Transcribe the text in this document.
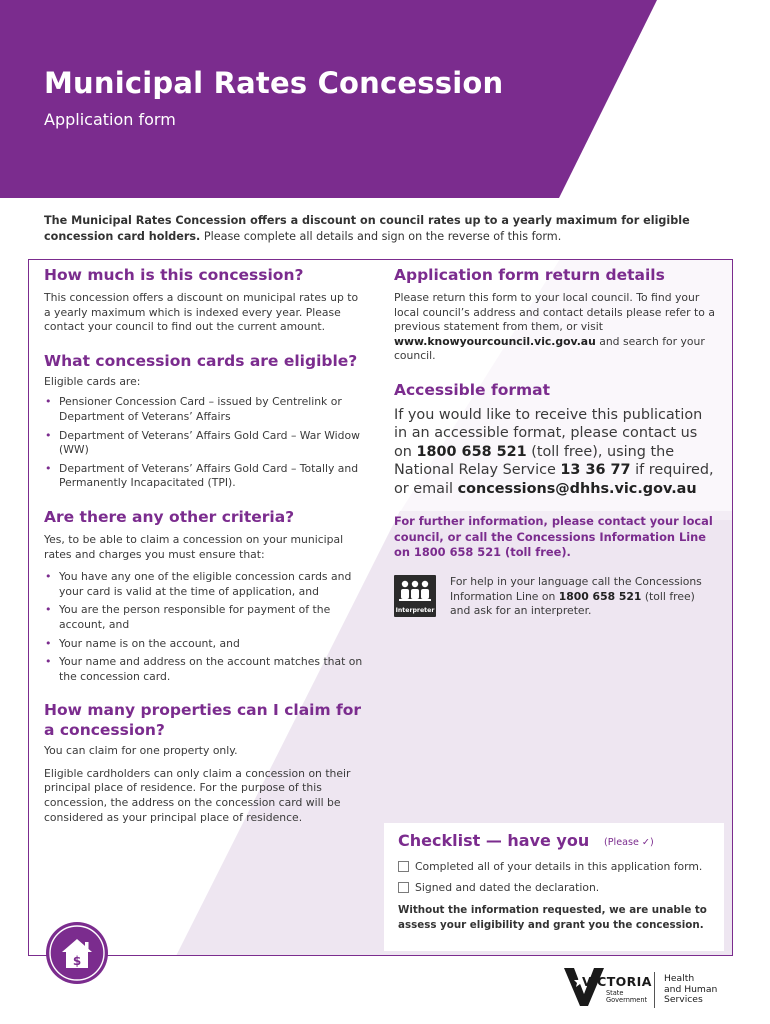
Municipal Rates Concession
Application form
The Municipal Rates Concession offers a discount on council rates up to a yearly maximum for eligible concession card holders. Please complete all details and sign on the reverse of this form.
How much is this concession?

This concession offers a discount on municipal rates up to a yearly maximum which is indexed every year. Please contact your council to find out the current amount.

What concession cards are eligible?

Eligible cards are:

• Pensioner Concession Card – issued by Centrelink or Department of Veterans’ Affairs
• Department of Veterans’ Affairs Gold Card – War Widow (WW)
• Department of Veterans’ Affairs Gold Card – Totally and Permanently Incapacitated (TPI).
Are there any other criteria?

Yes, to be able to claim a concession on your municipal rates and charges you must ensure that:

• You have any one of the eligible concession cards and your card is valid at the time of application, and
• You are the person responsible for payment of the account, and
• Your name is on the account, and
• Your name and address on the account matches that on the concession card.
How many properties can I claim for a concession?

You can claim for one property only.

Eligible cardholders can only claim a concession on their principal place of residence. For the purpose of this concession, the address on the concession card will be considered as your principal place of residence.

Application form return details

Please return this form to your local council. To find your local council’s address and contact details please refer to a previous statement from them, or visit www.knowyourcouncil.vic.gov.au and search for your council.

Accessible format

If you would like to receive this publication in an accessible format, please contact us on 1800 658 521 (toll free), using the National Relay Service 13 36 77 if required, or email concessions@dhhs.vic.gov.au

For further information, please contact your local council, or call the Concessions Information Line on 1800 658 521 (toll free).

Interpreter
For help in your language call the Concessions Information Line on 1800 658 521 (toll free) and ask for an interpreter.
Checklist — have you (Please ✓)
Completed all of your details in this application form.
Signed and dated the declaration.
Without the information requested, we are unable to assess your eligibility and grant you the concession.
$
VICTORIA
State
Government
Health
and Human
Services
